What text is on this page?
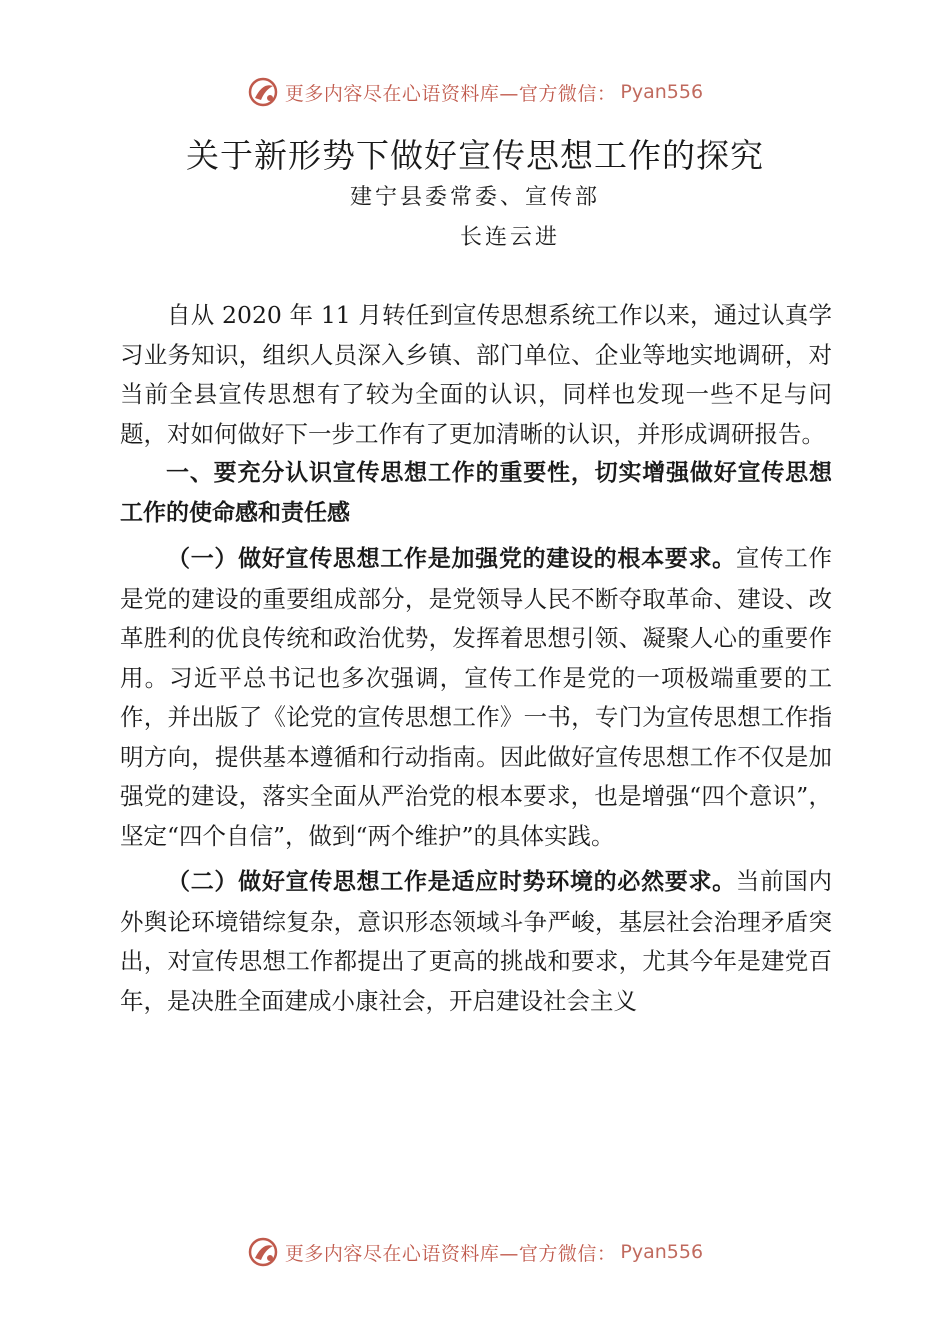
更多内容尽在心语资料库—官方微信： Pyan556
关于新形势下做好宣传思想工作的探究
建宁县委常委、宣传部
长连云进

自从 2020 年 11 月转任到宣传思想系统工作以来，通过认真学习业务知识，组织人员深入乡镇、部门单位、企业等地实地调研，对当前全县宣传思想有了较为全面的认识，同样也发现一些不足与问题，对如何做好下一步工作有了更加清晰的认识，并形成调研报告。

一、要充分认识宣传思想工作的重要性，切实增强做好宣传思想工作的使命感和责任感

（一）做好宣传思想工作是加强党的建设的根本要求。宣传工作是党的建设的重要组成部分，是党领导人民不断夺取革命、建设、改革胜利的优良传统和政治优势，发挥着思想引领、凝聚人心的重要作用。习近平总书记也多次强调，宣传工作是党的一项极端重要的工作，并出版了《论党的宣传思想工作》一书，专门为宣传思想工作指明方向，提供基本遵循和行动指南。因此做好宣传思想工作不仅是加强党的建设，落实全面从严治党的根本要求，也是增强“四个意识”，坚定“四个自信”，做到“两个维护”的具体实践。

（二）做好宣传思想工作是适应时势环境的必然要求。当前国内外舆论环境错综复杂，意识形态领域斗争严峻，基层社会治理矛盾突出，对宣传思想工作都提出了更高的挑战和要求，尤其今年是建党百年，是决胜全面建成小康社会，开启建设社会主义

更多内容尽在心语资料库—官方微信： Pyan556
